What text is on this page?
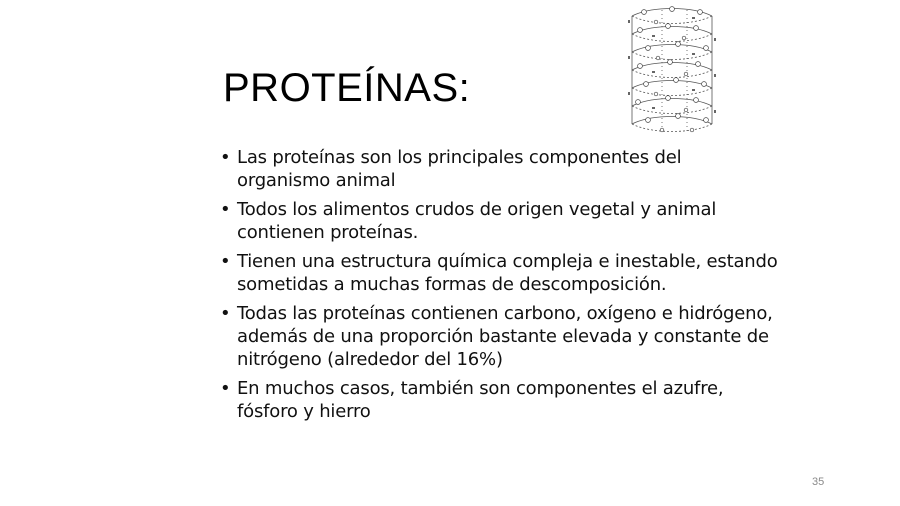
PROTEÍNAS:
• Las proteínas son los principales componentes del organismo animal
• Todos los alimentos crudos de origen vegetal y animal contienen proteínas.
• Tienen una estructura química compleja e inestable, estando sometidas a muchas formas de descomposición.
• Todas las proteínas contienen carbono, oxígeno e hidrógeno, además de una proporción bastante elevada y constante de nitrógeno (alrededor del 16%)
• En muchos casos, también son componentes el azufre, fósforo y hierro
35
